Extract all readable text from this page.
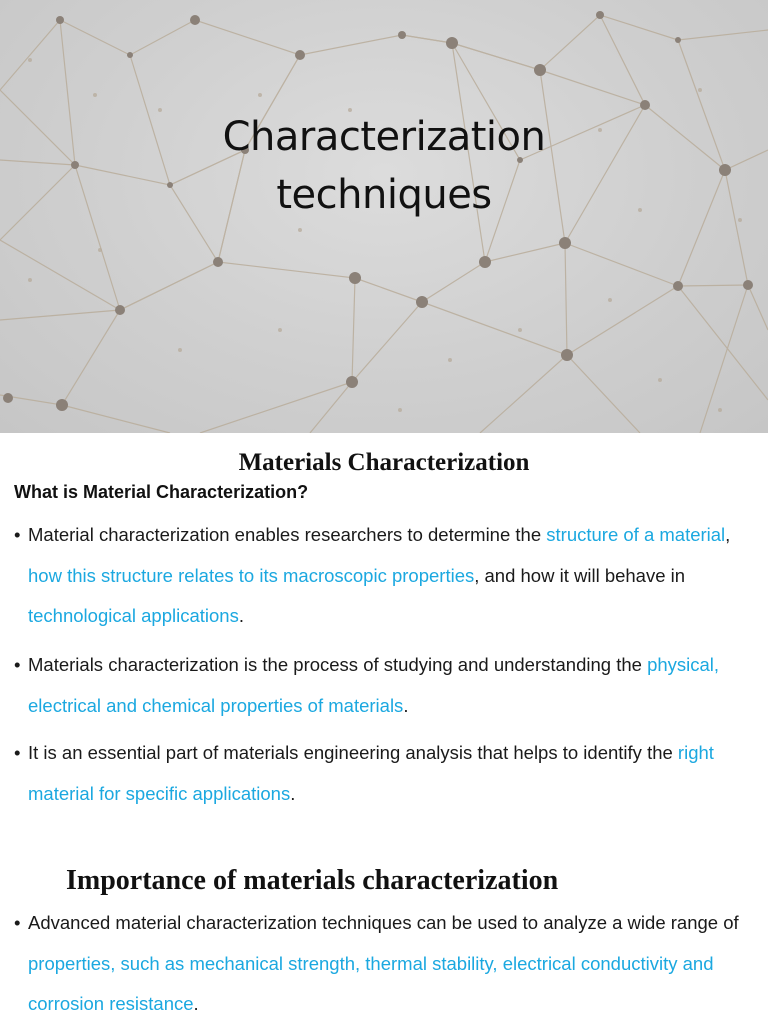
Characterization
techniques
Materials Characterization
What is Material Characterization?
• Material characterization enables researchers to determine the structure of a material, how this structure relates to its macroscopic properties, and how it will behave in technological applications.
• Materials characterization is the process of studying and understanding the physical, electrical and chemical properties of materials.
• It is an essential part of materials engineering analysis that helps to identify the right material for specific applications.
Importance of materials characterization
• Advanced material characterization techniques can be used to analyze a wide range of properties, such as mechanical strength, thermal stability, electrical conductivity and corrosion resistance.
